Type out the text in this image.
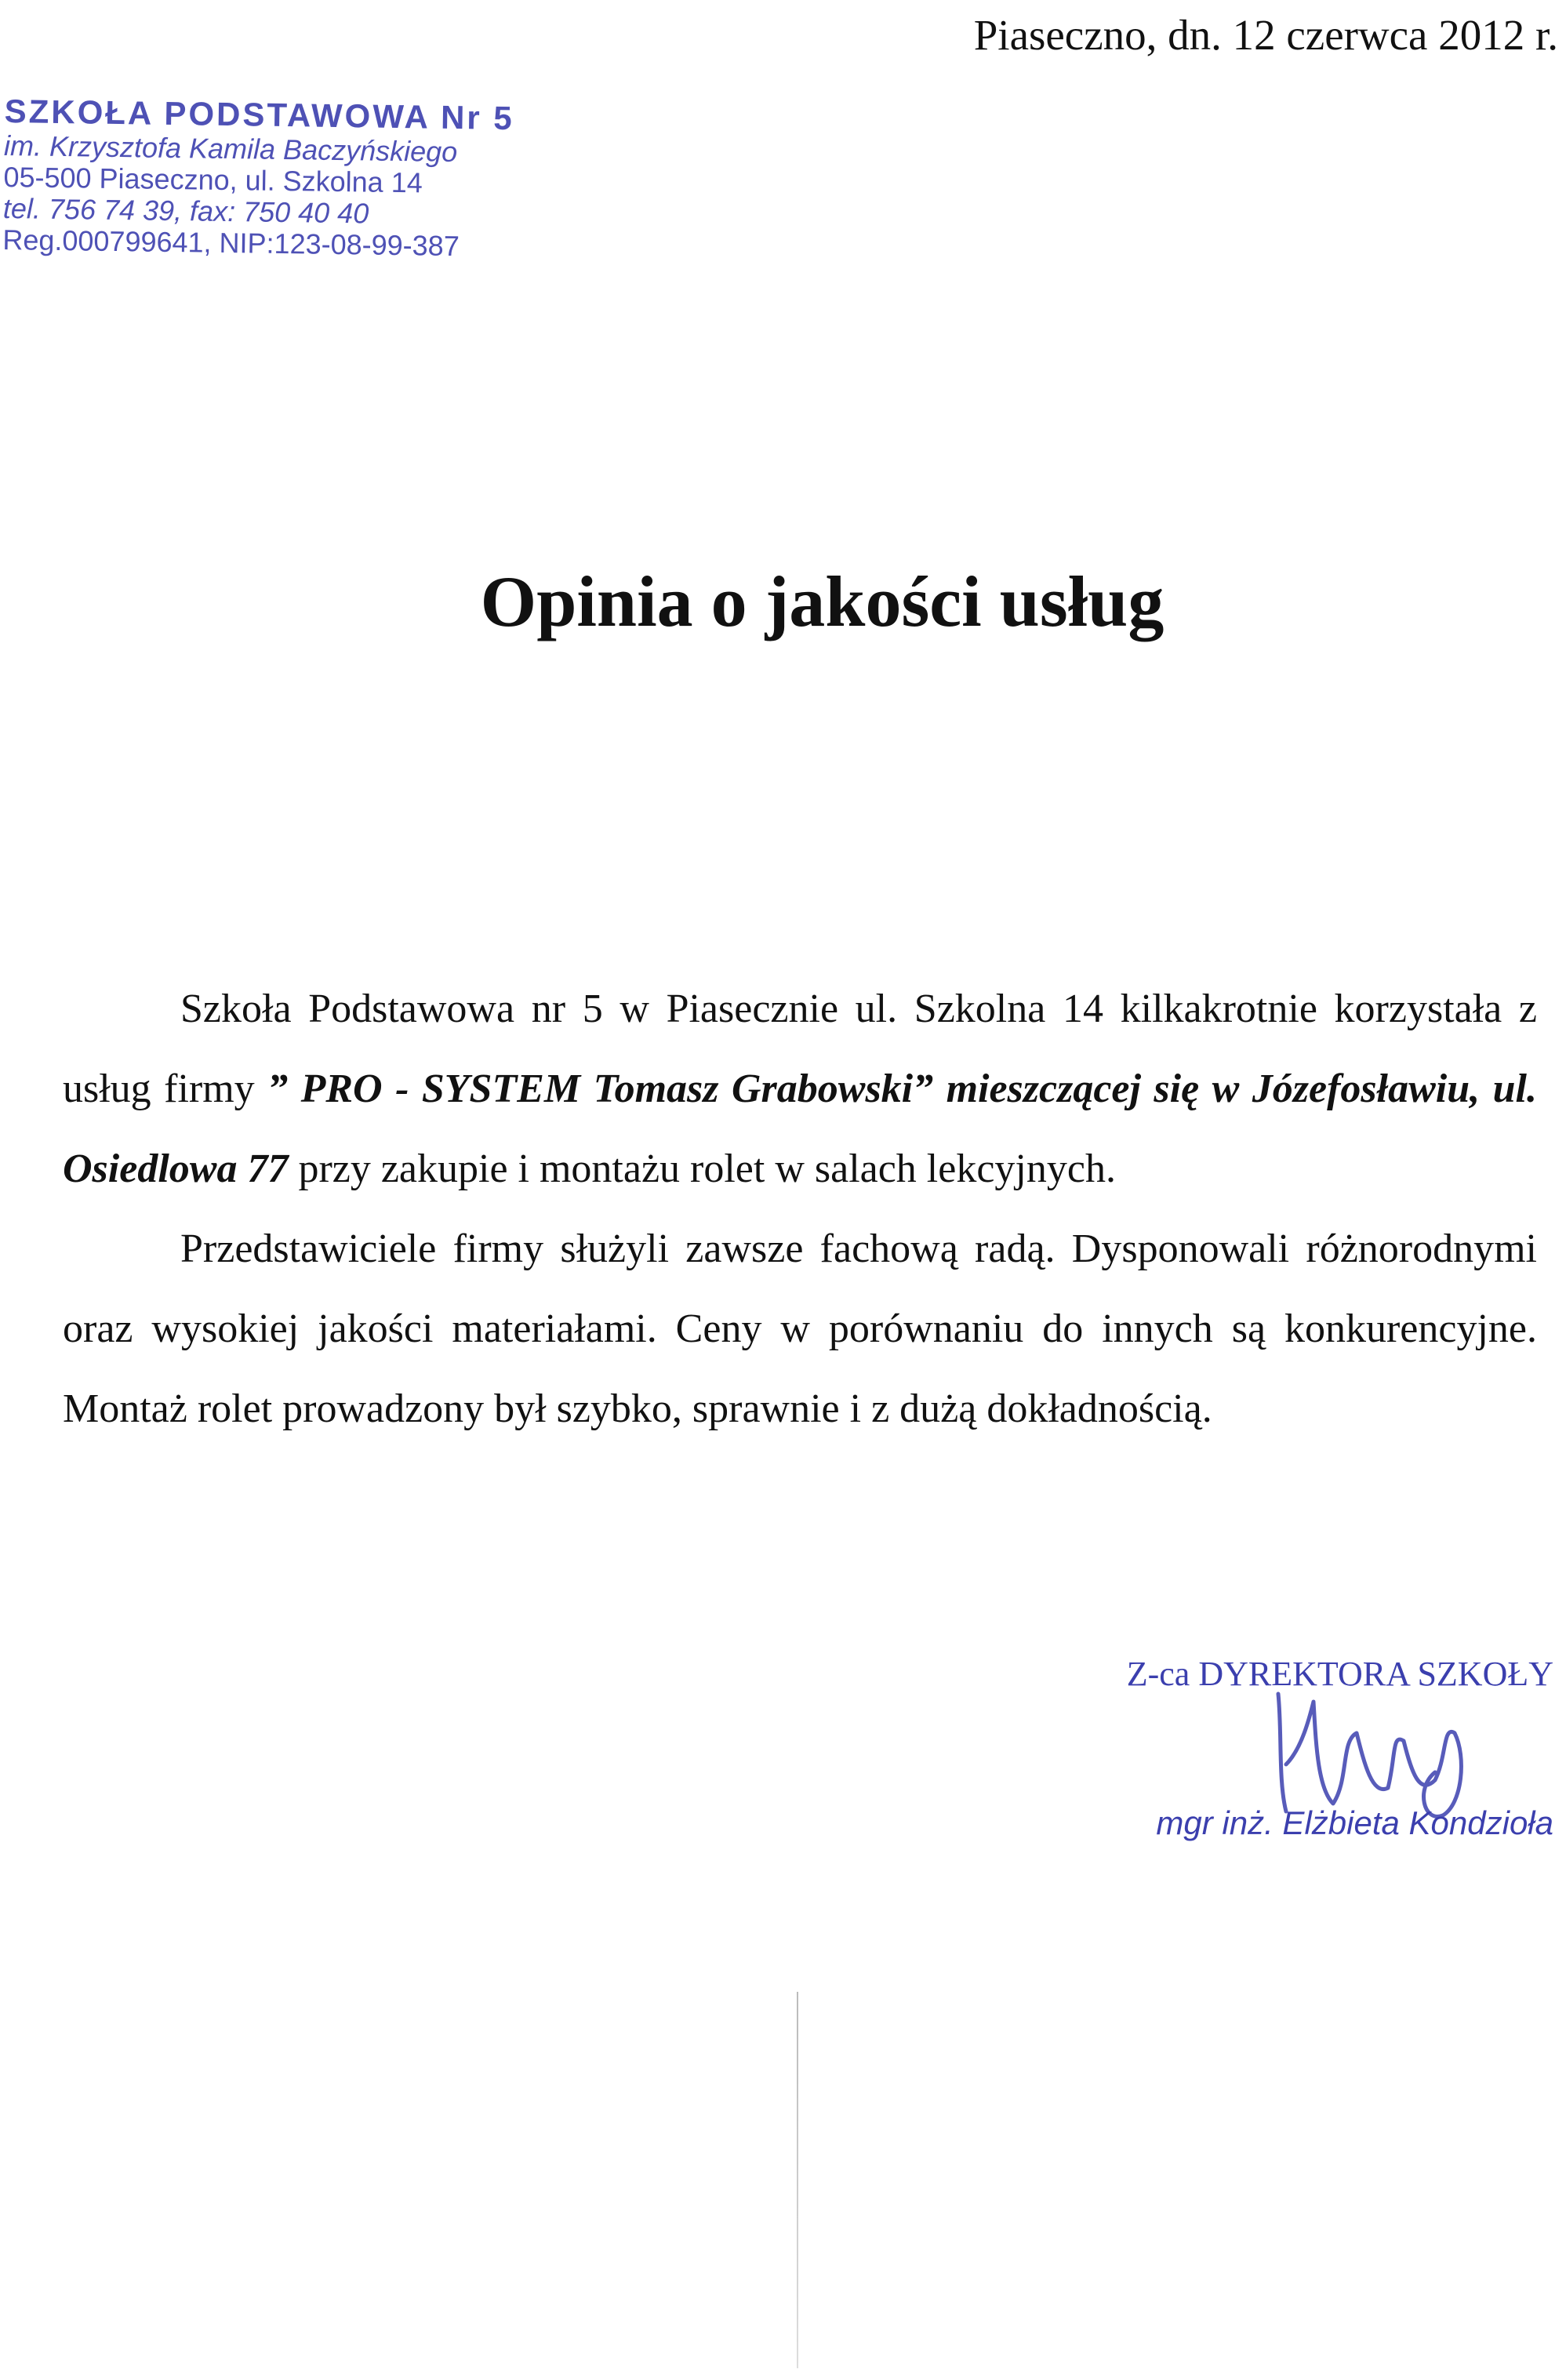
Piaseczno, dn. 12 czerwca 2012 r.
SZKOŁA PODSTAWOWA Nr 5
im. Krzysztofa Kamila Baczyńskiego
05-500 Piaseczno, ul. Szkolna 14
tel. 756 74 39, fax: 750 40 40
Reg.000799641, NIP:123-08-99-387
Opinia o jakości usług

Szkoła Podstawowa nr 5 w Piasecznie ul. Szkolna 14 kilkakrotnie korzystała z usług firmy ” PRO - SYSTEM Tomasz Grabowski” mieszczącej się w Józefosławiu, ul. Osiedlowa 77 przy zakupie i montażu rolet w salach lekcyjnych.

Przedstawiciele firmy służyli zawsze fachową radą. Dysponowali różnorodnymi oraz wysokiej jakości materiałami. Ceny w porównaniu do innych są konkurencyjne. Montaż rolet prowadzony był szybko, sprawnie i z dużą dokładnością.

Z-ca DYREKTORA SZKOŁY
mgr inż. Elżbieta Kondzioła
